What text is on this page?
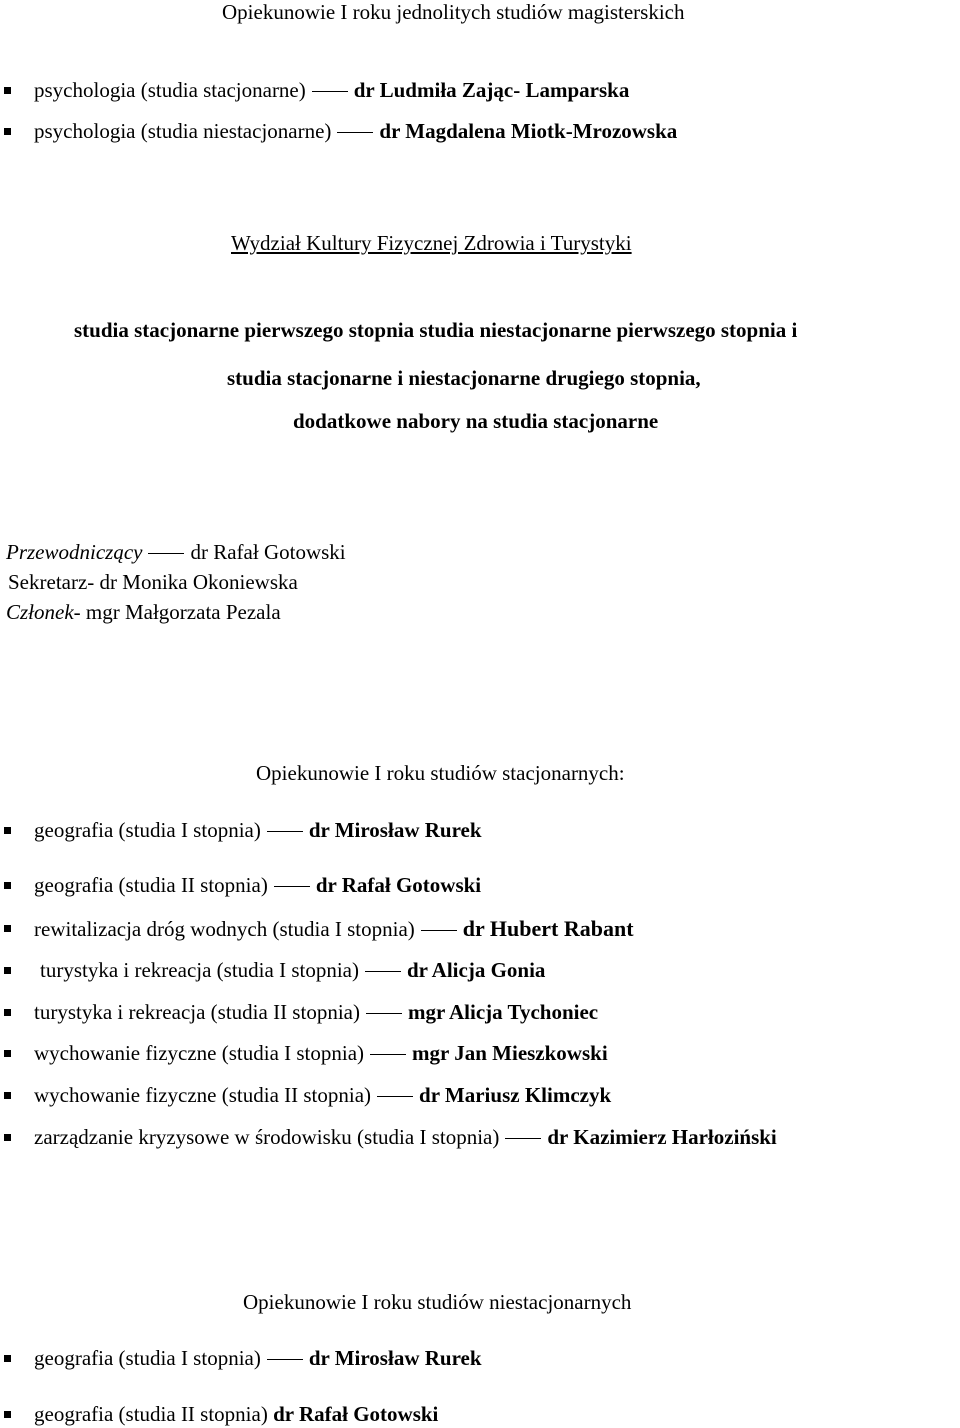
Opiekunowie I roku jednolitych studiów magisterskich
psychologia (studia stacjonarne) dr Ludmiła Zając- Lamparska
psychologia (studia niestacjonarne) dr Magdalena Miotk-Mrozowska
Wydział Kultury Fizycznej Zdrowia i Turystyki
studia stacjonarne pierwszego stopnia studia niestacjonarne pierwszego stopnia i
studia stacjonarne i niestacjonarne drugiego stopnia,
dodatkowe nabory na studia stacjonarne
Przewodniczący dr Rafał Gotowski
Sekretarz- dr Monika Okoniewska
Członek- mgr Małgorzata Pezala
Opiekunowie I roku studiów stacjonarnych:
geografia (studia I stopnia) dr Mirosław Rurek
geografia (studia II stopnia) dr Rafał Gotowski
rewitalizacja dróg wodnych (studia I stopnia) dr Hubert Rabant
turystyka i rekreacja (studia I stopnia) dr Alicja Gonia
turystyka i rekreacja (studia II stopnia) mgr Alicja Tychoniec
wychowanie fizyczne (studia I stopnia) mgr Jan Mieszkowski
wychowanie fizyczne (studia II stopnia) dr Mariusz Klimczyk
zarządzanie kryzysowe w środowisku (studia I stopnia) dr Kazimierz Harłoziński
Opiekunowie I roku studiów niestacjonarnych
geografia (studia I stopnia) dr Mirosław Rurek
geografia (studia II stopnia) dr Rafał Gotowski
